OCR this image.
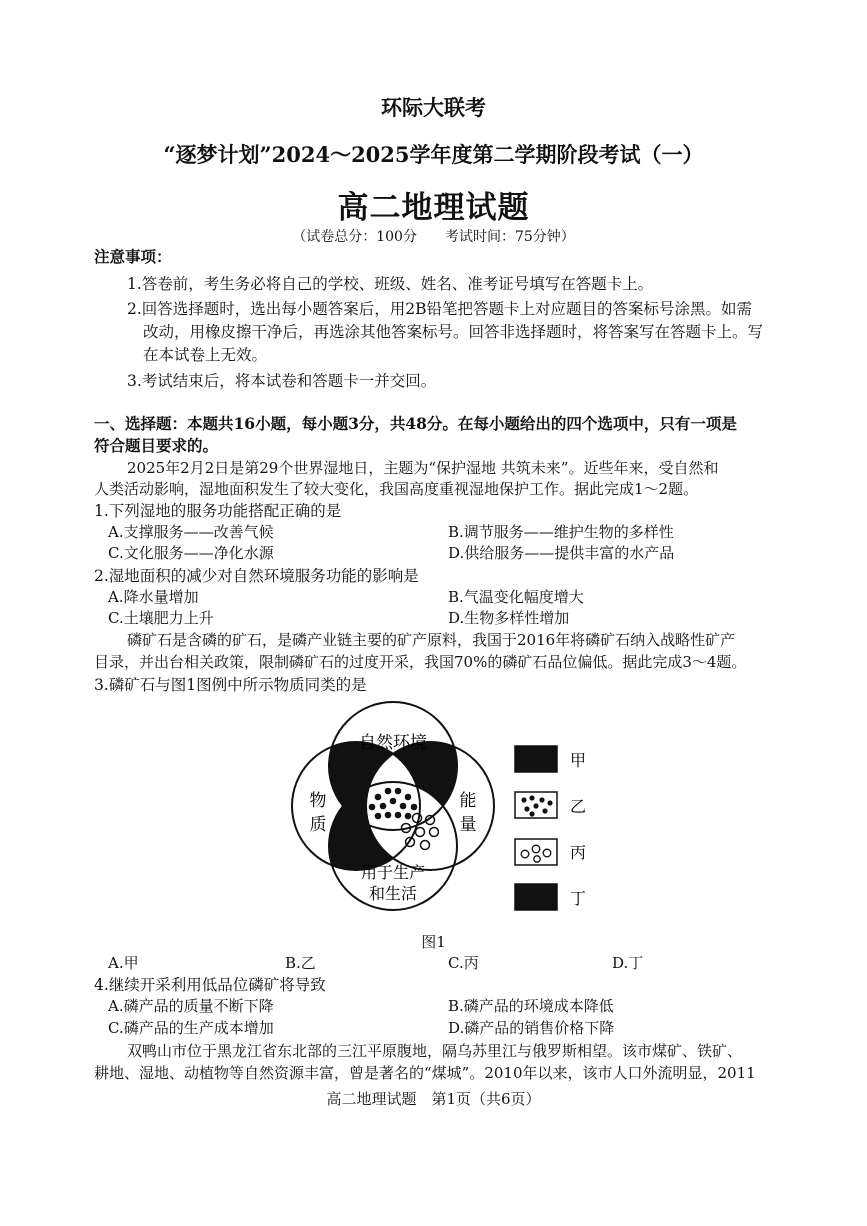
环际大联考
“逐梦计划”2024～2025学年度第二学期阶段考试（一）
高二地理试题
（试卷总分：100分　　考试时间：75分钟）
注意事项：
1.答卷前，考生务必将自己的学校、班级、姓名、准考证号填写在答题卡上。
2.回答选择题时，选出每小题答案后，用2B铅笔把答题卡上对应题目的答案标号涂黑。如需
改动，用橡皮擦干净后，再选涂其他答案标号。回答非选择题时，将答案写在答题卡上。写
在本试卷上无效。
3.考试结束后，将本试卷和答题卡一并交回。
一、选择题：本题共16小题，每小题3分，共48分。在每小题给出的四个选项中，只有一项是
符合题目要求的。
2025年2月2日是第29个世界湿地日，主题为“保护湿地 共筑未来”。近些年来，受自然和
人类活动影响，湿地面积发生了较大变化，我国高度重视湿地保护工作。据此完成1～2题。
1.下列湿地的服务功能搭配正确的是
A.支撑服务——改善气候	B.调节服务——维护生物的多样性
C.文化服务——净化水源	D.供给服务——提供丰富的水产品
2.湿地面积的减少对自然环境服务功能的影响是
A.降水量增加	B.气温变化幅度增大
C.土壤肥力上升	D.生物多样性增加
磷矿石是含磷的矿石，是磷产业链主要的矿产原料，我国于2016年将磷矿石纳入战略性矿产
目录，并出台相关政策，限制磷矿石的过度开采，我国70%的磷矿石品位偏低。据此完成3～4题。
3.磷矿石与图1图例中所示物质同类的是
自然环境
物
质
能
量
用于生产
和生活
甲
乙
丙
丁
图1
A.甲	B.乙	C.丙	D.丁
4.继续开采利用低品位磷矿将导致
A.磷产品的质量不断下降	B.磷产品的环境成本降低
C.磷产品的生产成本增加	D.磷产品的销售价格下降
双鸭山市位于黑龙江省东北部的三江平原腹地，隔乌苏里江与俄罗斯相望。该市煤矿、铁矿、
耕地、湿地、动植物等自然资源丰富，曾是著名的“煤城”。2010年以来，该市人口外流明显，2011
高二地理试题　第1页（共6页）
